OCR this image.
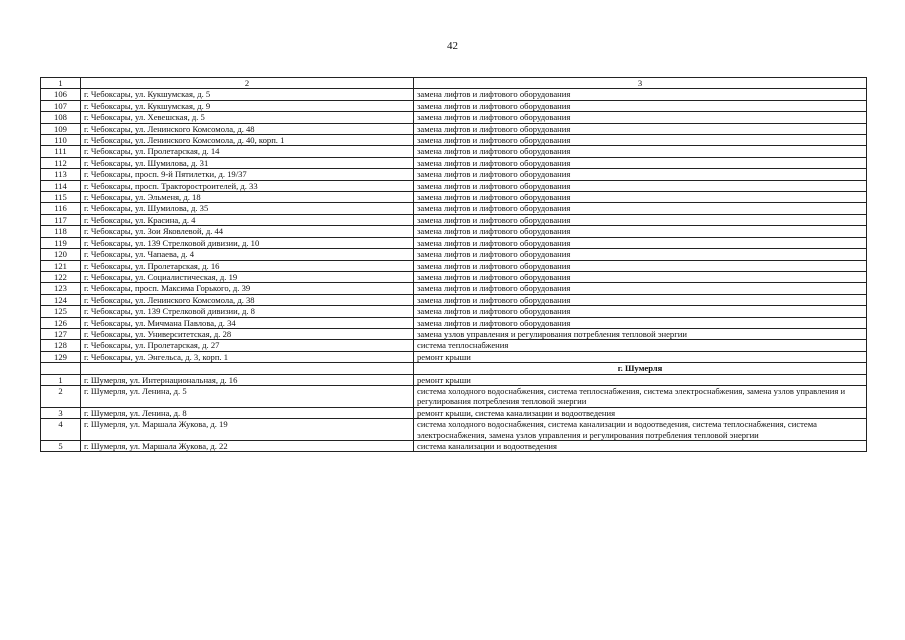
42
1	2	3
106	г. Чебоксары, ул. Кукшумская, д. 5	замена лифтов и лифтового оборудования
107	г. Чебоксары, ул. Кукшумская, д. 9	замена лифтов и лифтового оборудования
108	г. Чебоксары, ул. Хевешская, д. 5	замена лифтов и лифтового оборудования
109	г. Чебоксары, ул. Ленинского Комсомола, д. 48	замена лифтов и лифтового оборудования
110	г. Чебоксары, ул. Ленинского Комсомола, д. 40, корп. 1	замена лифтов и лифтового оборудования
111	г. Чебоксары, ул. Пролетарская, д. 14	замена лифтов и лифтового оборудования
112	г. Чебоксары, ул. Шумилова, д. 31	замена лифтов и лифтового оборудования
113	г. Чебоксары, просп. 9-й Пятилетки, д. 19/37	замена лифтов и лифтового оборудования
114	г. Чебоксары, просп. Тракторостроителей, д. 33	замена лифтов и лифтового оборудования
115	г. Чебоксары, ул. Эльменя, д. 18	замена лифтов и лифтового оборудования
116	г. Чебоксары, ул. Шумилова, д. 35	замена лифтов и лифтового оборудования
117	г. Чебоксары, ул. Красина, д. 4	замена лифтов и лифтового оборудования
118	г. Чебоксары, ул. Зои Яковлевой, д. 44	замена лифтов и лифтового оборудования
119	г. Чебоксары, ул. 139 Стрелковой дивизии, д. 10	замена лифтов и лифтового оборудования
120	г. Чебоксары, ул. Чапаева, д. 4	замена лифтов и лифтового оборудования
121	г. Чебоксары, ул. Пролетарская, д. 16	замена лифтов и лифтового оборудования
122	г. Чебоксары, ул. Социалистическая, д. 19	замена лифтов и лифтового оборудования
123	г. Чебоксары, просп. Максима Горького, д. 39	замена лифтов и лифтового оборудования
124	г. Чебоксары, ул. Ленинского Комсомола, д. 38	замена лифтов и лифтового оборудования
125	г. Чебоксары, ул. 139 Стрелковой дивизии, д. 8	замена лифтов и лифтового оборудования
126	г. Чебоксары, ул. Мичмана Павлова, д. 34	замена лифтов и лифтового оборудования
127	г. Чебоксары, ул. Университетская, д. 28	замена узлов управления и регулирования потребления тепловой энергии
128	г. Чебоксары, ул. Пролетарская, д. 27	система теплоснабжения
129	г. Чебоксары, ул. Энгельса, д. 3, корп. 1	ремонт крыши
		г. Шумерля
1	г. Шумерля, ул. Интернациональная, д. 16	ремонт крыши
2	г. Шумерля, ул. Ленина, д. 5	система холодного водоснабжения, система теплоснабжения, система электроснабжения, замена узлов управления и регулирования потребления тепловой энергии
3	г. Шумерля, ул. Ленина, д. 8	ремонт крыши, система канализации и водоотведения
4	г. Шумерля, ул. Маршала Жукова, д. 19	система холодного водоснабжения, система канализации и водоотведения, система теплоснабжения, система электроснабжения, замена узлов управления и регулирования потребления тепловой энергии
5	г. Шумерля, ул. Маршала Жукова, д. 22	система канализации и водоотведения
